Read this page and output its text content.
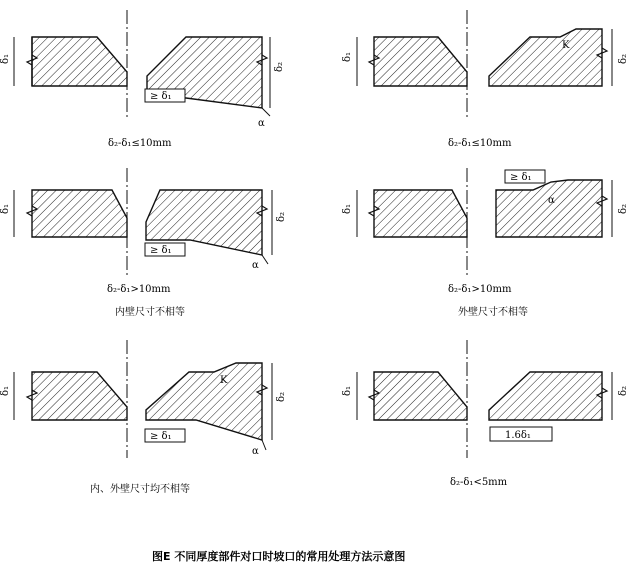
δ₁
δ₂
≥ δ₁
α
δ₂-δ₁≤10mm
δ₁	δ₂
K
δ₂-δ₁≤10mm
δ₁
δ₂
≥ δ₁
α
δ₂-δ₁>10mm
内壁尺寸不相等
δ₁	δ₂
≥ δ₁
α
δ₂-δ₁>10mm
外壁尺寸不相等
δ₁
δ₂
≥ δ₁
K
α
内、外壁尺寸均不相等
δ₁	δ₂
1.6δ₁
δ₂-δ₁<5mm
图E 不同厚度部件对口时坡口的常用处理方法示意图
